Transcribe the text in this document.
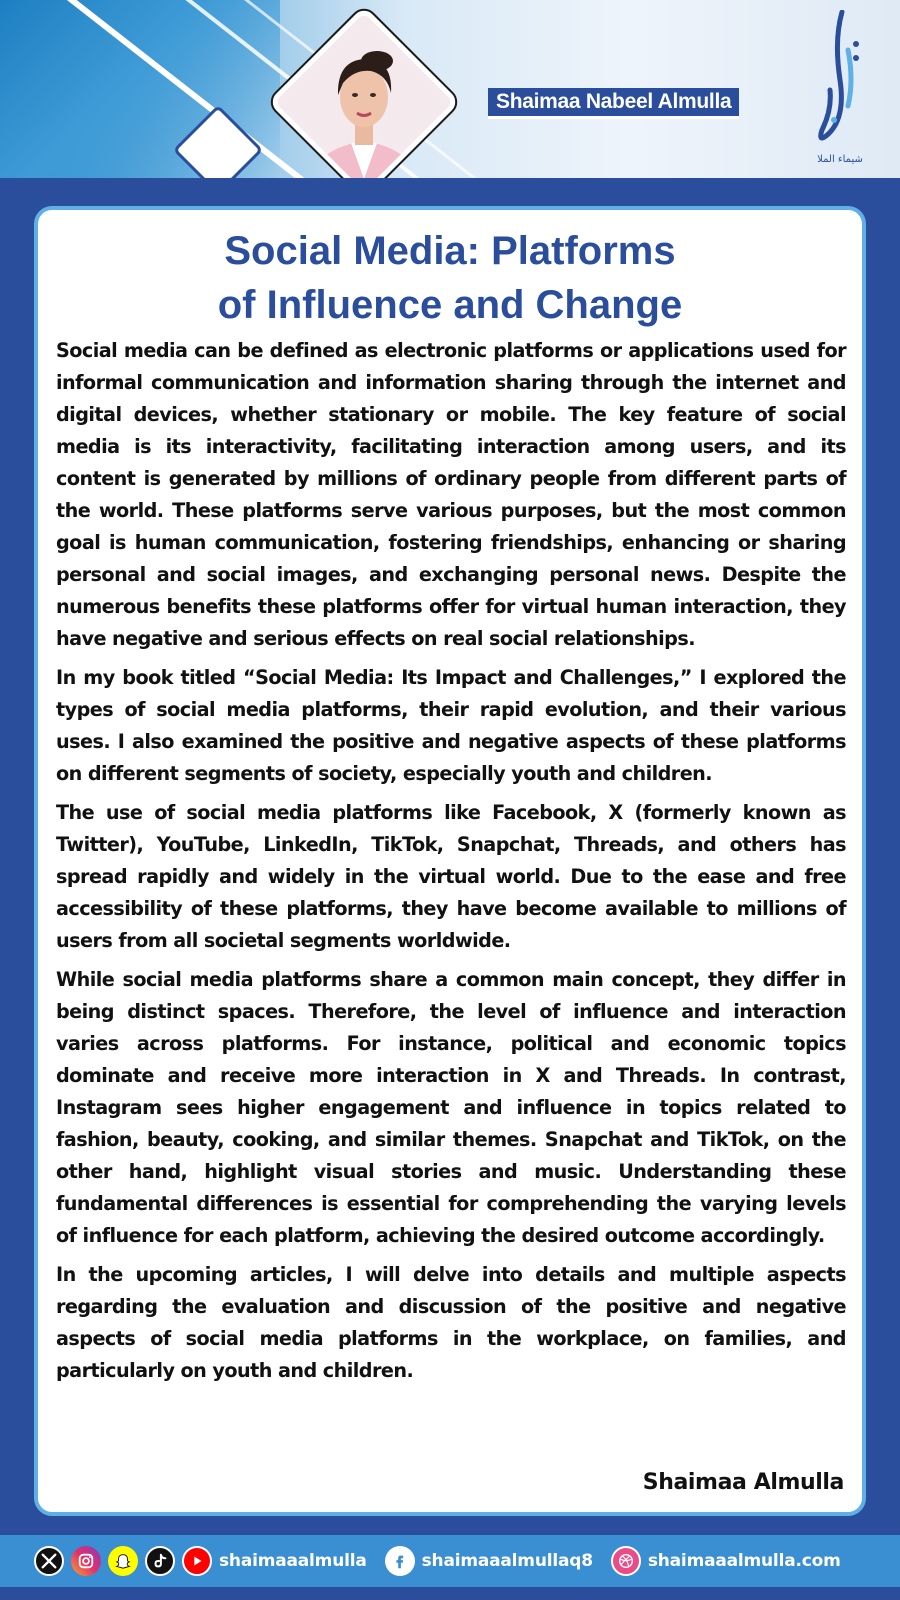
Shaimaa Nabeel Almulla
شيماء الملا
Social Media: Platforms
of Influence and Change

Social media can be defined as electronic platforms or applications used for informal communication and information sharing through the internet and digital devices, whether stationary or mobile. The key feature of social media is its interactivity, facilitating interaction among users, and its content is generated by millions of ordinary people from different parts of the world. These platforms serve various purposes, but the most common goal is human communication, fostering friendships, enhancing or sharing personal and social images, and exchanging personal news. Despite the numerous benefits these platforms offer for virtual human interaction, they have negative and serious effects on real social relationships.

In my book titled “Social Media: Its Impact and Challenges,” I explored the types of social media platforms, their rapid evolution, and their various uses. I also examined the positive and negative aspects of these platforms on different segments of society, especially youth and children.

The use of social media platforms like Facebook, X (formerly known as Twitter), YouTube, LinkedIn, TikTok, Snapchat, Threads, and others has spread rapidly and widely in the virtual world. Due to the ease and free accessibility of these platforms, they have become available to millions of users from all societal segments worldwide.

While social media platforms share a common main concept, they differ in being distinct spaces. Therefore, the level of influence and interaction varies across platforms. For instance, political and economic topics dominate and receive more interaction in X and Threads. In contrast, Instagram sees higher engagement and influence in topics related to fashion, beauty, cooking, and similar themes. Snapchat and TikTok, on the other hand, highlight visual stories and music. Understanding these fundamental differences is essential for comprehending the varying levels of influence for each platform, achieving the desired outcome accordingly.

In the upcoming articles, I will delve into details and multiple aspects regarding the evaluation and discussion of the positive and negative aspects of social media platforms in the workplace, on families, and particularly on youth and children.

Shaimaa Almulla
shaimaaalmulla	shaimaaalmullaq8	shaimaaalmulla.com
